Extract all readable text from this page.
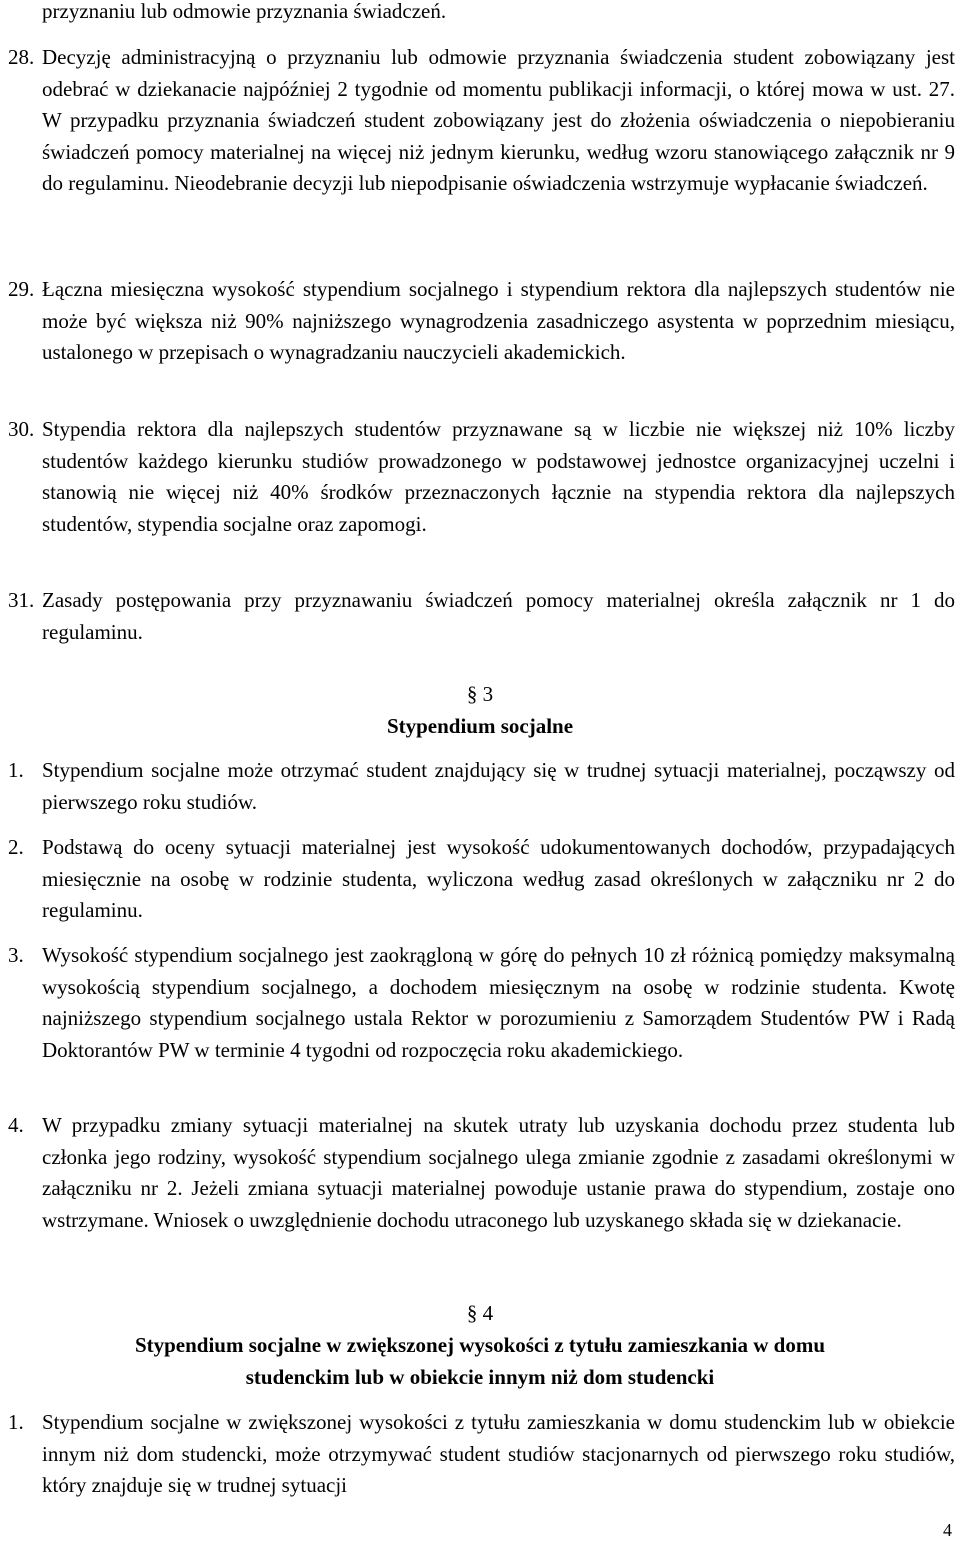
przyznaniu lub odmowie przyznania świadczeń.

28. Decyzję administracyjną o przyznaniu lub odmowie przyznania świadczenia student zobowiązany jest odebrać w dziekanacie najpóźniej 2 tygodnie od momentu publikacji informacji, o której mowa w ust. 27. W przypadku przyznania świadczeń student zobowiązany jest do złożenia oświadczenia o niepobieraniu świadczeń pomocy materialnej na więcej niż jednym kierunku, według wzoru stanowiącego załącznik nr 9 do regulaminu. Nieodebranie decyzji lub niepodpisanie oświadczenia wstrzymuje wypłacanie świadczeń.
29. Łączna miesięczna wysokość stypendium socjalnego i stypendium rektora dla najlepszych studentów nie może być większa niż 90% najniższego wynagrodzenia zasadniczego asystenta w poprzednim miesiącu, ustalonego w przepisach o wynagradzaniu nauczycieli akademickich.
30. Stypendia rektora dla najlepszych studentów przyznawane są w liczbie nie większej niż 10% liczby studentów każdego kierunku studiów prowadzonego w podstawowej jednostce organizacyjnej uczelni i stanowią nie więcej niż 40% środków przeznaczonych łącznie na stypendia rektora dla najlepszych studentów, stypendia socjalne oraz zapomogi.
31. Zasady postępowania przy przyznawaniu świadczeń pomocy materialnej określa załącznik nr 1 do regulaminu.

§ 3

Stypendium socjalne

1. Stypendium socjalne może otrzymać student znajdujący się w trudnej sytuacji materialnej, począwszy od pierwszego roku studiów.
2. Podstawą do oceny sytuacji materialnej jest wysokość udokumentowanych dochodów, przypadających miesięcznie na osobę w rodzinie studenta, wyliczona według zasad określonych w załączniku nr 2 do regulaminu.
3. Wysokość stypendium socjalnego jest zaokrągloną w górę do pełnych 10 zł różnicą pomiędzy maksymalną wysokością stypendium socjalnego, a dochodem miesięcznym na osobę w rodzinie studenta. Kwotę najniższego stypendium socjalnego ustala Rektor w porozumieniu z Samorządem Studentów PW i Radą Doktorantów PW w terminie 4 tygodni od rozpoczęcia roku akademickiego.
4. W przypadku zmiany sytuacji materialnej na skutek utraty lub uzyskania dochodu przez studenta lub członka jego rodziny, wysokość stypendium socjalnego ulega zmianie zgodnie z zasadami określonymi w załączniku nr 2. Jeżeli zmiana sytuacji materialnej powoduje ustanie prawa do stypendium, zostaje ono wstrzymane. Wniosek o uwzględnienie dochodu utraconego lub uzyskanego składa się w dziekanacie.

§ 4

Stypendium socjalne w zwiększonej wysokości z tytułu zamieszkania w domu

studenckim lub w obiekcie innym niż dom studencki

1. Stypendium socjalne w zwiększonej wysokości z tytułu zamieszkania w domu studenckim lub w obiekcie innym niż dom studencki, może otrzymywać student studiów stacjonarnych od pierwszego roku studiów, który znajduje się w trudnej sytuacji
4
